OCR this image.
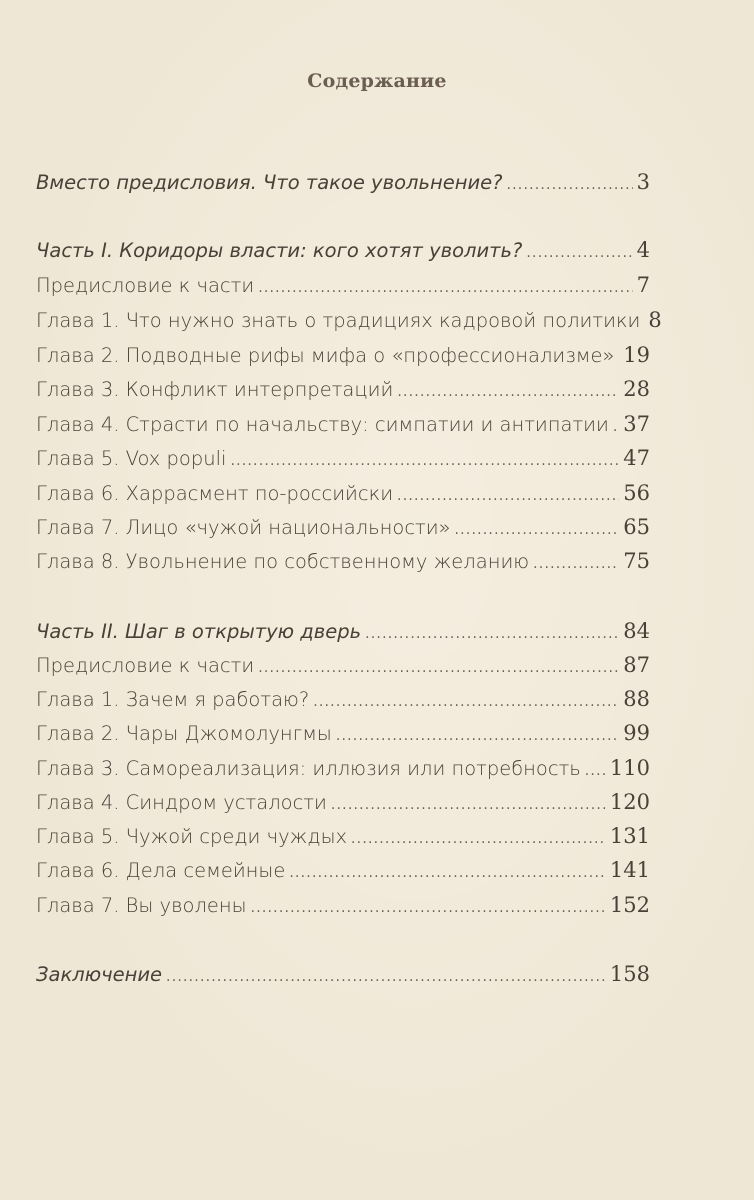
Содержание
Вместо предисловия. Что такое увольнение? .....	3
Часть I. Коридоры власти: кого хотят уволить? .....	4
Предисловие к части .....	7
Глава 1. Что нужно знать о традициях кадровой политики 8
Глава 2. Подводные рифы мифа о «профессионализме» ..... 19
Глава 3. Конфликт интерпретаций .....	28
Глава 4. Страсти по начальству: симпатии и антипатии ..... 37
Глава 5. Vox populi .....	47
Глава 6. Харрасмент по-российски .....	56
Глава 7. Лицо «чужой национальности» .....	65
Глава 8. Увольнение по собственному желанию .....	75
Часть II. Шаг в открытую дверь .....	84
Предисловие к части .....	87
Глава 1. Зачем я работаю? .....	88
Глава 2. Чары Джомолунгмы .....	99
Глава 3. Самореализация: иллюзия или потребность ..... 110
Глава 4. Синдром усталости .....	120
Глава 5. Чужой среди чуждых .....	131
Глава 6. Дела семейные .....	141
Глава 7. Вы уволены .....	152
Заключение .....	158
